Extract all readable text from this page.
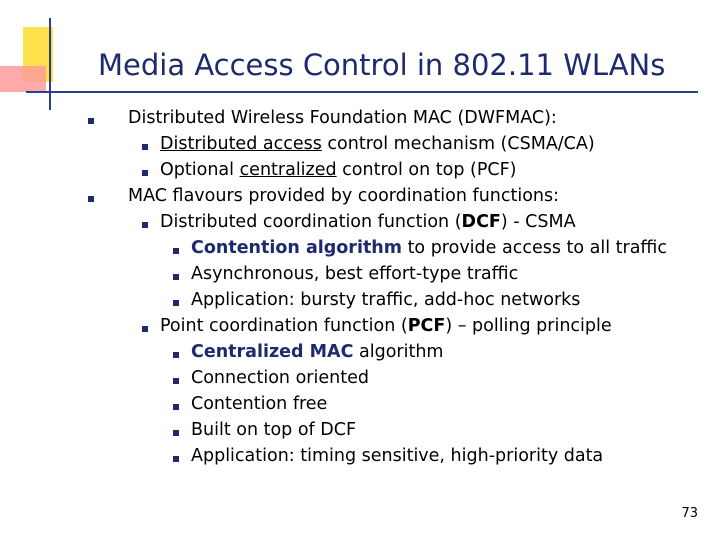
Media Access Control in 802.11 WLANs
Distributed Wireless Foundation MAC (DWFMAC):
Distributed access control mechanism (CSMA/CA)
Optional centralized control on top (PCF)
MAC flavours provided by coordination functions:
Distributed coordination function (DCF) - CSMA
Contention algorithm to provide access to all traffic
Asynchronous, best effort-type traffic
Application: bursty traffic, add-hoc networks
Point coordination function (PCF) – polling principle
Centralized MAC algorithm
Connection oriented
Contention free
Built on top of DCF
Application: timing sensitive, high-priority data
73
